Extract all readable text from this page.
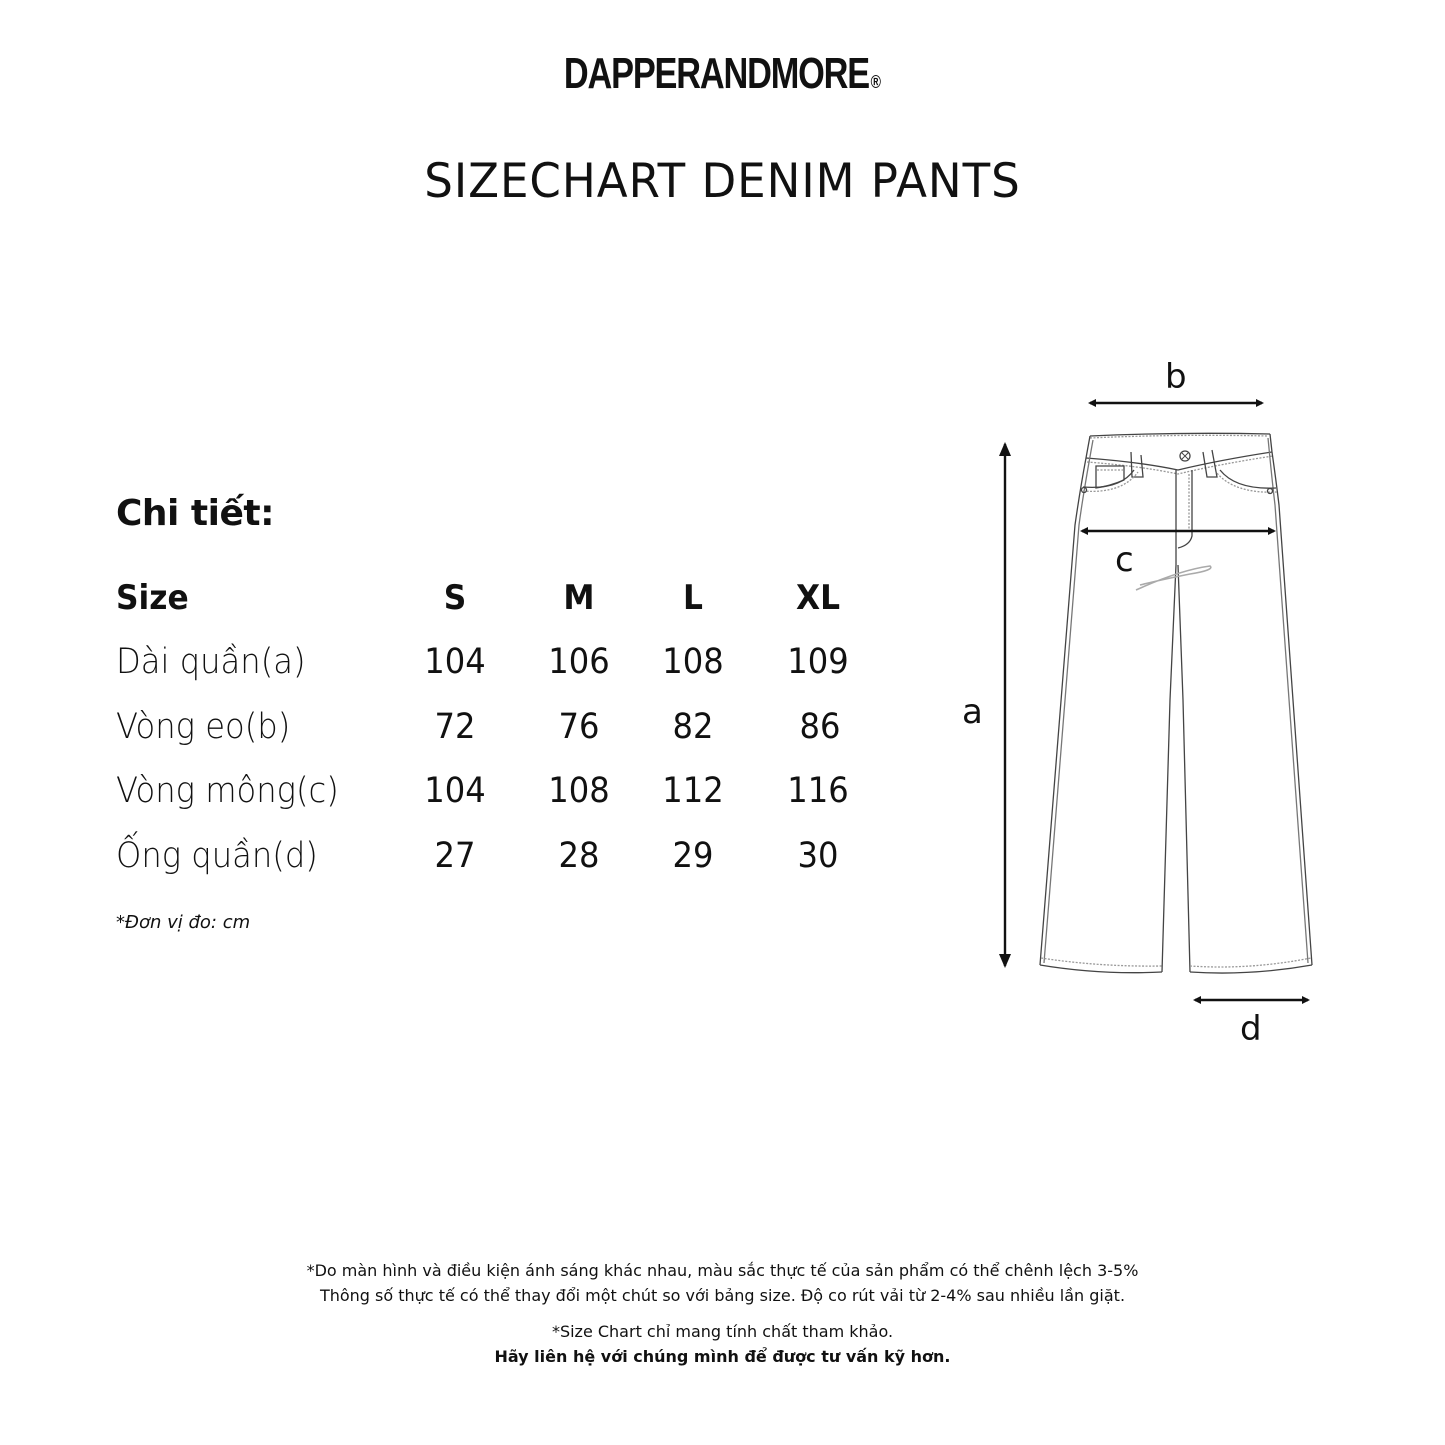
DAPPERANDMORE®
SIZECHART DENIM PANTS
Chi tiết:
Size	S	M	L	XL
Dài quần(a)	104	106	108	109
Vòng eo(b)	72	76	82	86
Vòng mông(c)	104	108	112	116
Ống quần(d)	27	28	29	30
*Đơn vị đo: cm
b
c
a
d
*Do màn hình và điều kiện ánh sáng khác nhau, màu sắc thực tế của sản phẩm có thể chênh lệch 3-5%
Thông số thực tế có thể thay đổi một chút so với bảng size. Độ co rút vải từ 2-4% sau nhiều lần giặt.
*Size Chart chỉ mang tính chất tham khảo.
Hãy liên hệ với chúng mình để được tư vấn kỹ hơn.
